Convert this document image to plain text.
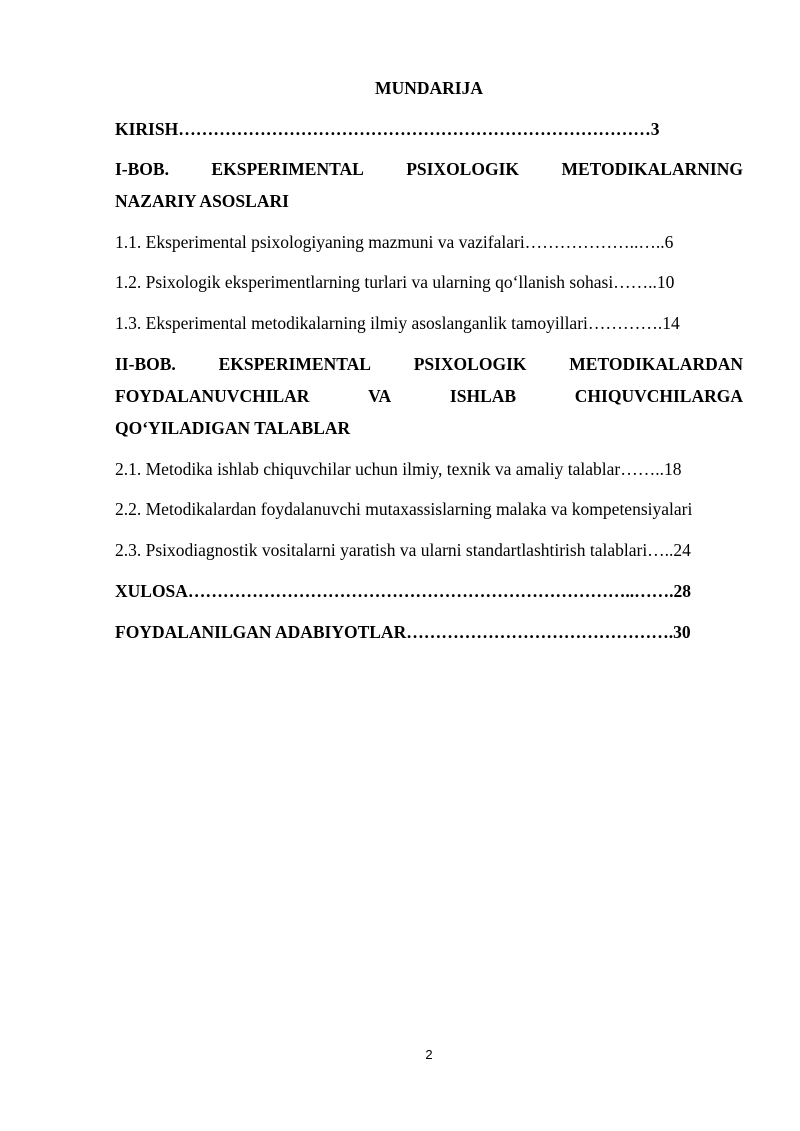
MUNDARIJA
KIRISH………………………………………………………………………3
I-BOB. EKSPERIMENTAL PSIXOLOGIK METODIKALARNING
NAZARIY ASOSLARI
1.1. Eksperimental psixologiyaning mazmuni va vazifalari………………..…..6
1.2. Psixologik eksperimentlarning turlari va ularning qo‘llanish sohasi……..10
1.3. Eksperimental metodikalarning ilmiy asoslanganlik tamoyillari………….14
II-BOB. EKSPERIMENTAL PSIXOLOGIK METODIKALARDAN
FOYDALANUVCHILAR	VA	ISHLAB	CHIQUVCHILARGA
QO‘YILADIGAN TALABLAR
2.1. Metodika ishlab chiquvchilar uchun ilmiy, texnik va amaliy talablar……..18
2.2. Metodikalardan foydalanuvchi mutaxassislarning malaka va kompetensiyalari
2.3. Psixodiagnostik vositalarni yaratish va ularni standartlashtirish talablari…..24
XULOSA…………………………………………………………………..…….28
FOYDALANILGAN ADABIYOTLAR……………………………………….30
2
